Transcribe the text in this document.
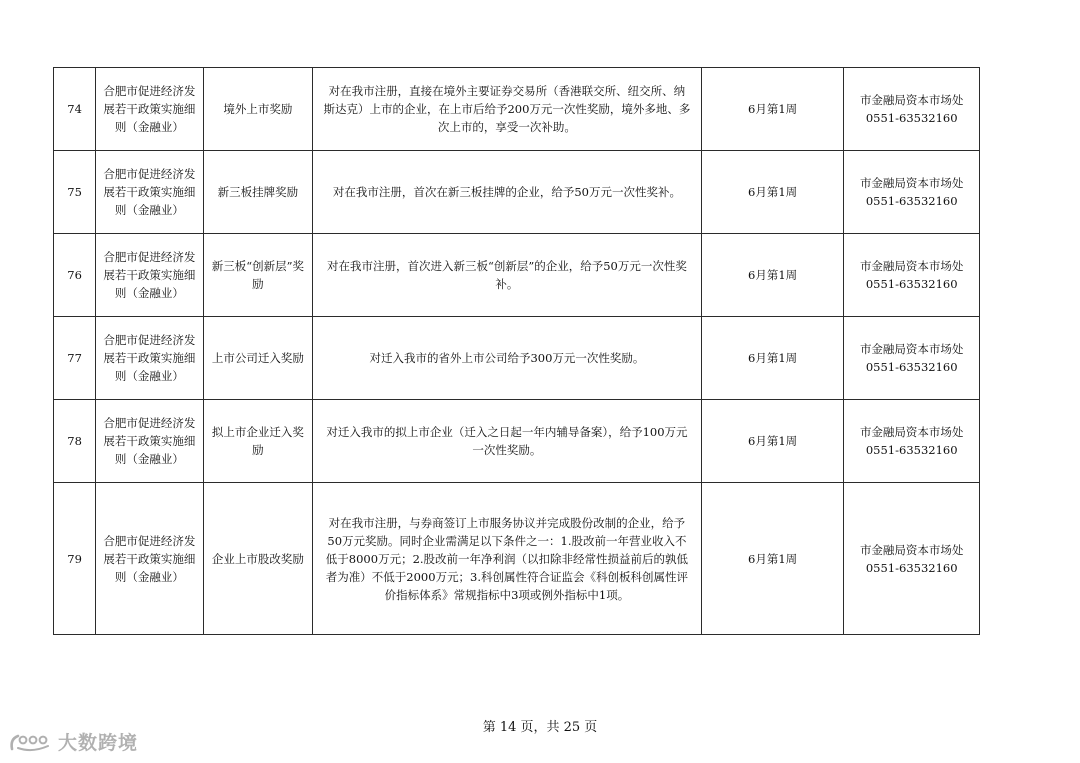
74	合肥市促进经济发展若干政策实施细则（金融业）	境外上市奖励	对在我市注册，直接在境外主要证券交易所（香港联交所、纽交所、纳斯达克）上市的企业，在上市后给予200万元一次性奖励，境外多地、多次上市的，享受一次补助。	6月第1周	市金融局资本市场处
0551-63532160

75	合肥市促进经济发展若干政策实施细则（金融业）	新三板挂牌奖励	对在我市注册，首次在新三板挂牌的企业，给予50万元一次性奖补。	6月第1周	市金融局资本市场处
0551-63532160

76	合肥市促进经济发展若干政策实施细则（金融业）	新三板“创新层”奖励	对在我市注册，首次进入新三板“创新层”的企业，给予50万元一次性奖补。	6月第1周	市金融局资本市场处
0551-63532160

77	合肥市促进经济发展若干政策实施细则（金融业）	上市公司迁入奖励	对迁入我市的省外上市公司给予300万元一次性奖励。	6月第1周	市金融局资本市场处
0551-63532160

78	合肥市促进经济发展若干政策实施细则（金融业）	拟上市企业迁入奖励	对迁入我市的拟上市企业（迁入之日起一年内辅导备案），给予100万元一次性奖励。	6月第1周	市金融局资本市场处
0551-63532160

79	合肥市促进经济发展若干政策实施细则（金融业）	企业上市股改奖励	对在我市注册，与券商签订上市服务协议并完成股份改制的企业，给予50万元奖励。同时企业需满足以下条件之一：1.股改前一年营业收入不低于8000万元；2.股改前一年净利润（以扣除非经常性损益前后的孰低者为准）不低于2000万元；3.科创属性符合证监会《科创板科创属性评价指标体系》常规指标中3项或例外指标中1项。	6月第1周	市金融局资本市场处
0551-63532160
第 14 页，共 25 页
大数跨境
